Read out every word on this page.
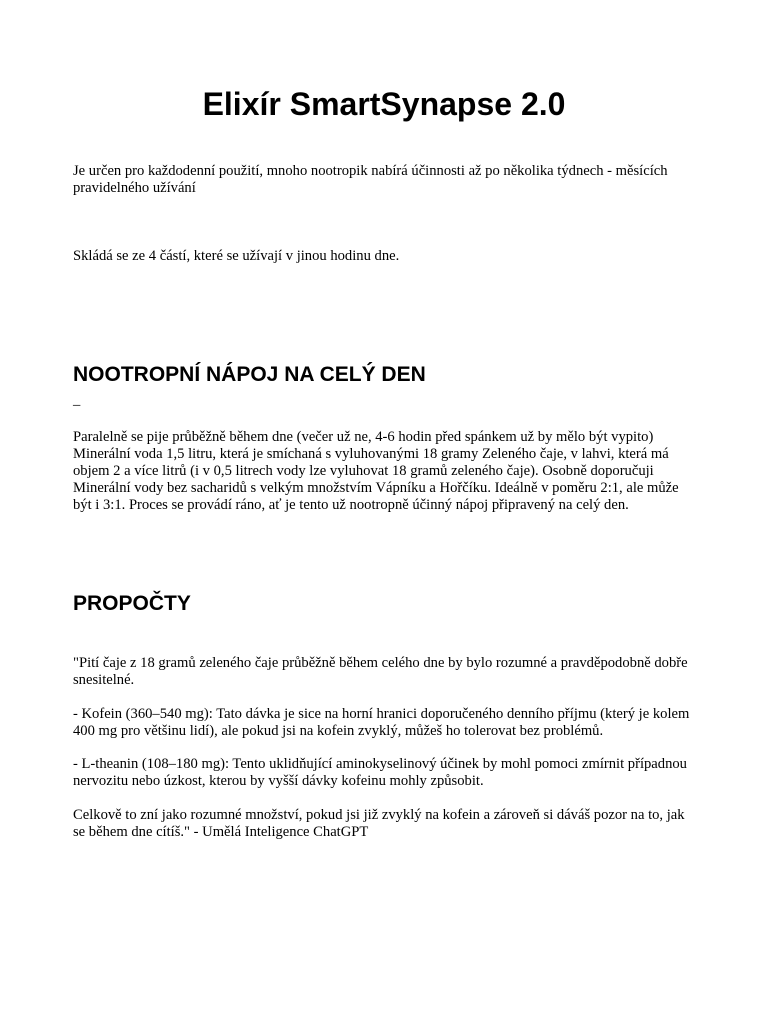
Elixír SmartSynapse 2.0

Je určen pro každodenní použití, mnoho nootropik nabírá účinnosti až po několika týdnech - měsících pravidelného užívání

Skládá se ze 4 částí, které se užívají v jinou hodinu dne.

NOOTROPNÍ NÁPOJ NA CELÝ DEN

–

Paralelně se pije průběžně během dne (večer už ne, 4-6 hodin před spánkem už by mělo být vypito) Minerální voda 1,5 litru, která je smíchaná s vyluhovanými 18 gramy Zeleného čaje, v lahvi, která má objem 2 a více litrů (i v 0,5 litrech vody lze vyluhovat 18 gramů zeleného čaje). Osobně doporučuji Minerální vody bez sacharidů s velkým množstvím Vápníku a Hořčíku. Ideálně v poměru 2:1, ale může být i 3:1. Proces se provádí ráno, ať je tento už nootropně účinný nápoj připravený na celý den.

PROPOČTY

"Pití čaje z 18 gramů zeleného čaje průběžně během celého dne by bylo rozumné a pravděpodobně dobře snesitelné.

- Kofein (360–540 mg): Tato dávka je sice na horní hranici doporučeného denního příjmu (který je kolem 400 mg pro většinu lidí), ale pokud jsi na kofein zvyklý, můžeš ho tolerovat bez problémů.

- L-theanin (108–180 mg): Tento uklidňující aminokyselinový účinek by mohl pomoci zmírnit případnou nervozitu nebo úzkost, kterou by vyšší dávky kofeinu mohly způsobit.

Celkově to zní jako rozumné množství, pokud jsi již zvyklý na kofein a zároveň si dáváš pozor na to, jak se během dne cítíš." - Umělá Inteligence ChatGPT
